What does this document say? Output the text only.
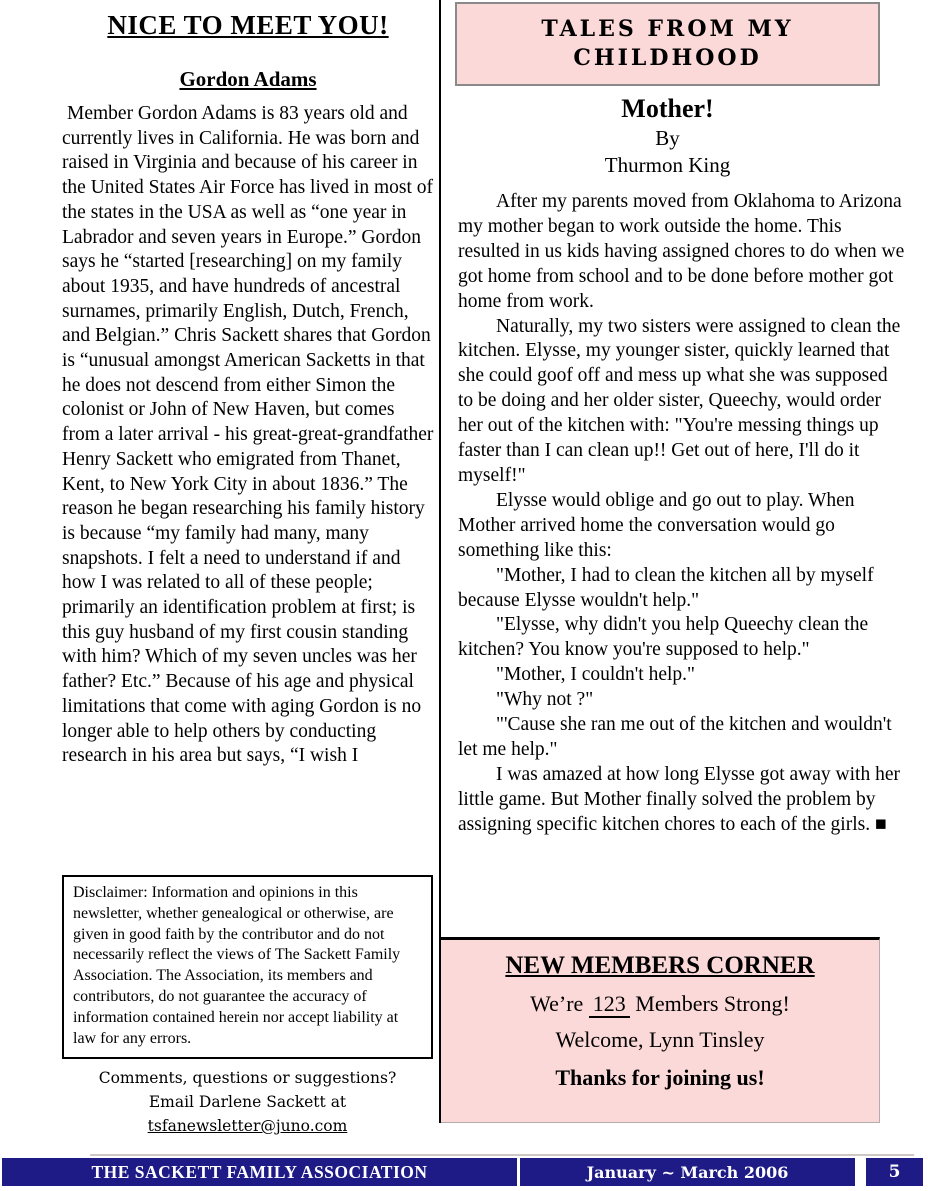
NICE TO MEET YOU!
Gordon Adams

Member Gordon Adams is 83 years old and currently lives in California. He was born and raised in Virginia and because of his career in the United States Air Force has lived in most of the states in the USA as well as “one year in Labrador and seven years in Europe.” Gordon says he “started [researching] on my family about 1935, and have hundreds of ancestral surnames, primarily English, Dutch, French, and Belgian.” Chris Sackett shares that Gordon is “unusual amongst American Sacketts in that he does not descend from either Simon the colonist or John of New Haven, but comes from a later arrival - his great-great-grandfather Henry Sackett who emigrated from Thanet, Kent, to New York City in about 1836.” The reason he began researching his family history is because “my family had many, many snapshots. I felt a need to understand if and how I was related to all of these people; primarily an identification problem at first; is this guy husband of my first cousin standing with him? Which of my seven uncles was her father? Etc.” Because of his age and physical limitations that come with aging Gordon is no longer able to help others by conducting research in his area but says, “I wish I

Disclaimer: Information and opinions in this newsletter, whether genealogical or otherwise, are given in good faith by the contributor and do not necessarily reflect the views of The Sackett Family Association. The Association, its members and contributors, do not guarantee the accuracy of information contained herein nor accept liability at law for any errors.
Comments, questions or suggestions?
Email Darlene Sackett at tsfanewsletter@juno.com
TALES FROM MY
CHILDHOOD
Mother!
By
Thurmon King

After my parents moved from Oklahoma to Arizona my mother began to work outside the home. This resulted in us kids having assigned chores to do when we got home from school and to be done before mother got home from work.

Naturally, my two sisters were assigned to clean the kitchen. Elysse, my younger sister, quickly learned that she could goof off and mess up what she was supposed to be doing and her older sister, Queechy, would order her out of the kitchen with: "You're messing things up faster than I can clean up!! Get out of here, I'll do it myself!"

Elysse would oblige and go out to play. When Mother arrived home the conversation would go something like this:

"Mother, I had to clean the kitchen all by myself because Elysse wouldn't help."

"Elysse, why didn't you help Queechy clean the kitchen? You know you're supposed to help."

"Mother, I couldn't help."

"Why not ?"

"'Cause she ran me out of the kitchen and wouldn't let me help."

I was amazed at how long Elysse got away with her little game. But Mother finally solved the problem by assigning specific kitchen chores to each of the girls. ■

NEW MEMBERS CORNER
We’re 123 Members Strong!
Welcome, Lynn Tinsley
Thanks for joining us!
THE SACKETT FAMILY ASSOCIATION	January ~ March 2006	5
